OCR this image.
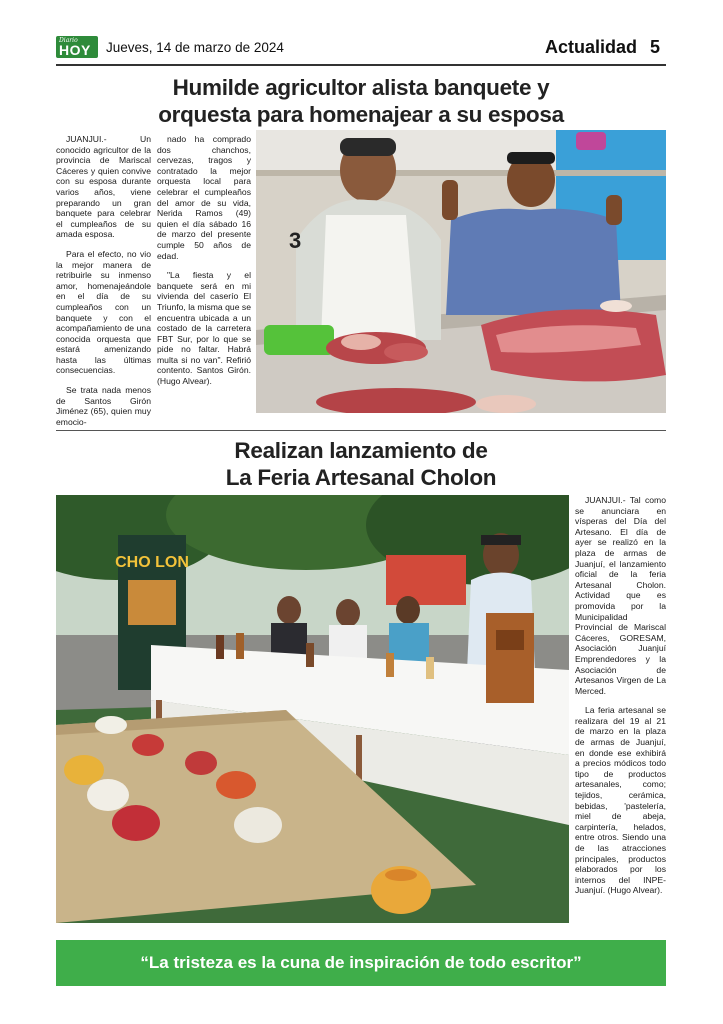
Diario
HOY Jueves, 14 de marzo de 2024	Actualidad 5
Humilde agricultor alista banquete y
orquesta para homenajear a su esposa

JUANJUI.- Un conocido agricultor de la provincia de Mariscal Cáceres y quien convive con su esposa durante varios años, viene preparando un gran banquete para celebrar el cumpleaños de su amada esposa.

Para el efecto, no vio la mejor manera de retribuirle su inmenso amor, homenajeándole en el día de su cumpleaños con un banquete y con el acompañamiento de una conocida orquesta que estará amenizando hasta las últimas consecuencias.

Se trata nada menos de Santos Girón Jiménez (65), quien muy emocio-

nado ha comprado dos chanchos, cervezas, tragos y contratado la mejor orquesta local para celebrar el cumpleaños del amor de su vida, Nerida Ramos (49) quien el día sábado 16 de marzo del presente cumple 50 años de edad.

"La fiesta y el banquete será en mi vivienda del caserío El Triunfo, la misma que se encuentra ubicada a un costado de la carretera FBT Sur, por lo que se pide no faltar. Habrá multa si no van". Refirió contento. Santos Girón. (Hugo Alvear).

3
Realizan lanzamiento de
La Feria Artesanal Cholon
CHO LON

JUANJUI.- Tal como se anunciara en vísperas del Día del Artesano. El día de ayer se realizó en la plaza de armas de Juanjuí, el lanzamiento oficial de la feria Artesanal Cholon. Actividad que es promovida por la Municipalidad Provincial de Mariscal Cáceres, GORESAM, Asociación Juanjuí Emprendedores y la Asociación de Artesanos Virgen de La Merced.

La feria artesanal se realizara del 19 al 21 de marzo en la plaza de armas de Juanjuí, en donde ese exhibirá a precios módicos todo tipo de productos artesanales, como; tejidos, cerámica, bebidas, 'pastelería, miel de abeja, carpintería, helados, entre otros. Siendo una de las atracciones principales, productos elaborados por los internos del INPE-Juanjuí. (Hugo Alvear).

“La tristeza es la cuna de inspiración de todo escritor”
